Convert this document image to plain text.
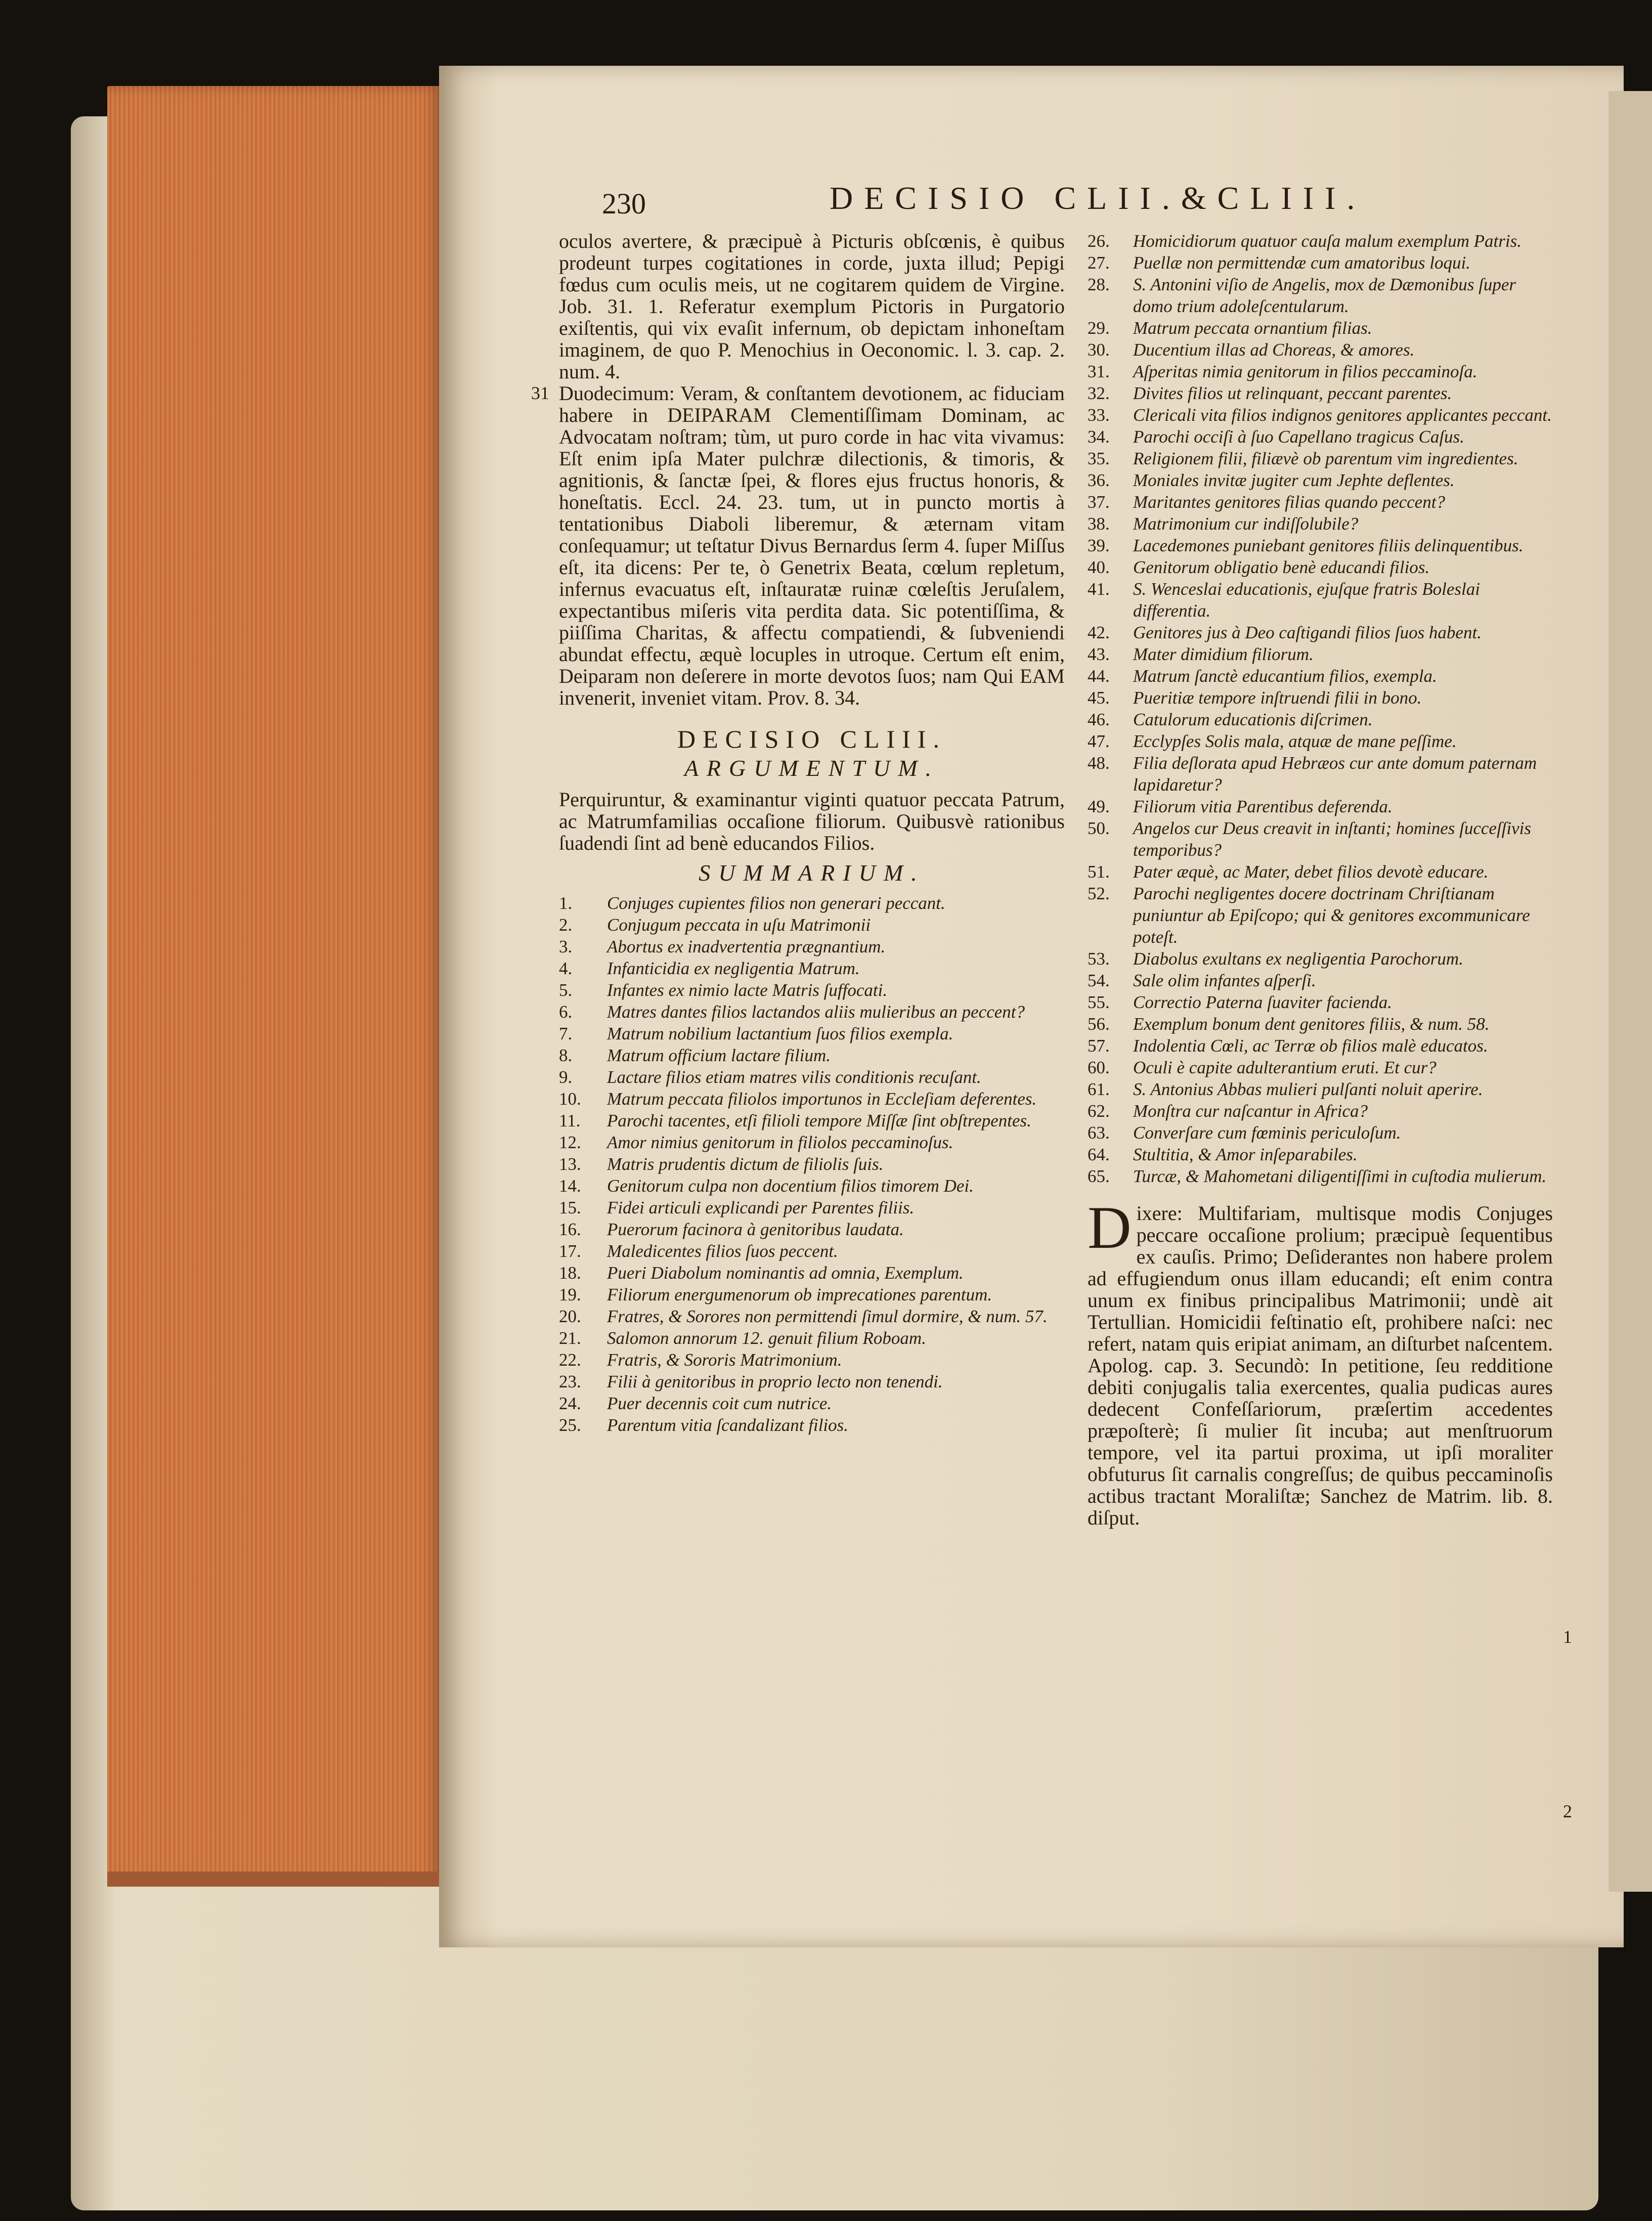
230	DECISIO CLII.&CLIII.

oculos avertere, & præcipuè à Picturis obſcœnis, è quibus prodeunt turpes cogitationes in corde, juxta illud; Pepigi fœdus cum oculis meis, ut ne cogitarem quidem de Virgine. Job. 31. 1. Referatur exemplum Pictoris in Purgatorio exiſtentis, qui vix evaſit infernum, ob depictam inhoneſtam imaginem, de quo P. Menochius in Oeconomic. l. 3. cap. 2. num. 4.

31 Duodecimum: Veram, & conſtantem devotionem, ac fiduciam habere in DEIPARAM Clementiſſimam Dominam, ac Advocatam noſtram; tùm, ut puro corde in hac vita vivamus: Eſt enim ipſa Mater pulchræ dilectionis, & timoris, & agnitionis, & ſanctæ ſpei, & flores ejus fructus honoris, & honeſtatis. Eccl. 24. 23. tum, ut in puncto mortis à tentationibus Diaboli liberemur, & æternam vitam conſequamur; ut teſtatur Divus Bernardus ſerm 4. ſuper Miſſus eſt, ita dicens: Per te, ò Genetrix Beata, cœlum repletum, infernus evacuatus eſt, inſtauratæ ruinæ cœleſtis Jeruſalem, expectantibus miſeris vita perdita data. Sic potentiſſima, & piiſſima Charitas, & affectu compatiendi, & ſubveniendi abundat effectu, æquè locuples in utroque. Certum eſt enim, Deiparam non deſerere in morte devotos ſuos; nam Qui EAM invenerit, inveniet vitam. Prov. 8. 34.

DECISIO CLIII.
ARGUMENTUM.

Perquiruntur, & examinantur viginti quatuor peccata Patrum, ac Matrumfamilias occaſione filiorum. Quibusvè rationibus ſuadendi ſint ad benè educandos Filios.

SUMMARIUM.
1. Conjuges cupientes filios non generari peccant.
2. Conjugum peccata in uſu Matrimonii
3. Abortus ex inadvertentia prægnantium.
4. Infanticidia ex negligentia Matrum.
5. Infantes ex nimio lacte Matris ſuffocati.
6. Matres dantes filios lactandos aliis mulieribus an peccent?
7. Matrum nobilium lactantium ſuos filios exempla.
8. Matrum officium lactare filium.
9. Lactare filios etiam matres vilis conditionis recuſant.
10. Matrum peccata filiolos importunos in Eccleſiam deferentes.
11. Parochi tacentes, etſi filioli tempore Miſſæ ſint obſtrepentes.
12. Amor nimius genitorum in filiolos peccaminoſus.
13. Matris prudentis dictum de filiolis ſuis.
14. Genitorum culpa non docentium filios timorem Dei.
15. Fidei articuli explicandi per Parentes filiis.
16. Puerorum facinora à genitoribus laudata.
17. Maledicentes filios ſuos peccent.
18. Pueri Diabolum nominantis ad omnia, Exemplum.
19. Filiorum energumenorum ob imprecationes parentum.
20. Fratres, & Sorores non permittendi ſimul dormire, & num. 57.
21. Salomon annorum 12. genuit filium Roboam.
22. Fratris, & Sororis Matrimonium.
23. Filii à genitoribus in proprio lecto non tenendi.
24. Puer decennis coit cum nutrice.
25. Parentum vitia ſcandalizant filios.
26. Homicidiorum quatuor cauſa malum exemplum Patris.
27. Puellæ non permittendæ cum amatoribus loqui.
28. S. Antonini viſio de Angelis, mox de Dæmonibus ſuper domo trium adoleſcentularum.
29. Matrum peccata ornantium filias.
30. Ducentium illas ad Choreas, & amores.
31. Aſperitas nimia genitorum in filios peccaminoſa.
32. Divites filios ut relinquant, peccant parentes.
33. Clericali vita filios indignos genitores applicantes peccant.
34. Parochi occiſi à ſuo Capellano tragicus Caſus.
35. Religionem filii, filiævè ob parentum vim ingredientes.
36. Moniales invitæ jugiter cum Jephte deflentes.
37. Maritantes genitores filias quando peccent?
38. Matrimonium cur indiſſolubile?
39. Lacedemones puniebant genitores filiis delinquentibus.
40. Genitorum obligatio benè educandi filios.
41. S. Wenceslai educationis, ejuſque fratris Boleslai differentia.
42. Genitores jus à Deo caſtigandi filios ſuos habent.
43. Mater dimidium filiorum.
44. Matrum ſanctè educantium filios, exempla.
45. Pueritiæ tempore inſtruendi filii in bono.
46. Catulorum educationis diſcrimen.
47. Ecclypſes Solis mala, atquæ de mane peſſime.
48. Filia deſlorata apud Hebræos cur ante domum paternam lapidaretur?
49. Filiorum vitia Parentibus deferenda.
50. Angelos cur Deus creavit in inſtanti; homines ſucceſſivis temporibus?
51. Pater æquè, ac Mater, debet filios devotè educare.
52. Parochi negligentes docere doctrinam Chriſtianam puniuntur ab Epiſcopo; qui & genitores excommunicare poteſt.
53. Diabolus exultans ex negligentia Parochorum.
54. Sale olim infantes aſperſi.
55. Correctio Paterna ſuaviter facienda.
56. Exemplum bonum dent genitores filiis, & num. 58.
57. Indolentia Cœli, ac Terræ ob filios malè educatos.
60. Oculi è capite adulterantium eruti. Et cur?
61. S. Antonius Abbas mulieri pulſanti noluit aperire.
62. Monſtra cur naſcantur in Africa?
63. Converſare cum fœminis periculoſum.
64. Stultitia, & Amor inſeparabiles.
65. Turcæ, & Mahometani diligentiſſimi in cuſtodia mulierum.
Dixere: Multifariam, multisque modis Conjuges peccare occaſione prolium; præcipuè ſequentibus ex cauſis. Primo; Deſiderantes non habere prolem ad effugiendum onus illam educandi; eſt enim contra unum ex finibus principalibus Matrimonii; undè ait Tertullian. Homicidii feſtinatio eſt, prohibere naſci: nec refert, natam quis eripiat animam, an diſturbet naſcentem. Apolog. cap. 3. Secundò: In petitione, ſeu redditione debiti conjugalis talia exercentes, qualia pudicas aures dedecent Confeſſariorum, præſertim accedentes præpoſterè; ſi mulier ſit incuba; aut menſtruorum tempore, vel ita partui proxima, ut ipſi moraliter obfuturus ſit carnalis congreſſus; de quibus peccaminoſis actibus tractant Moraliſtæ; Sanchez de Matrim. lib. 8. diſput.
1
2
